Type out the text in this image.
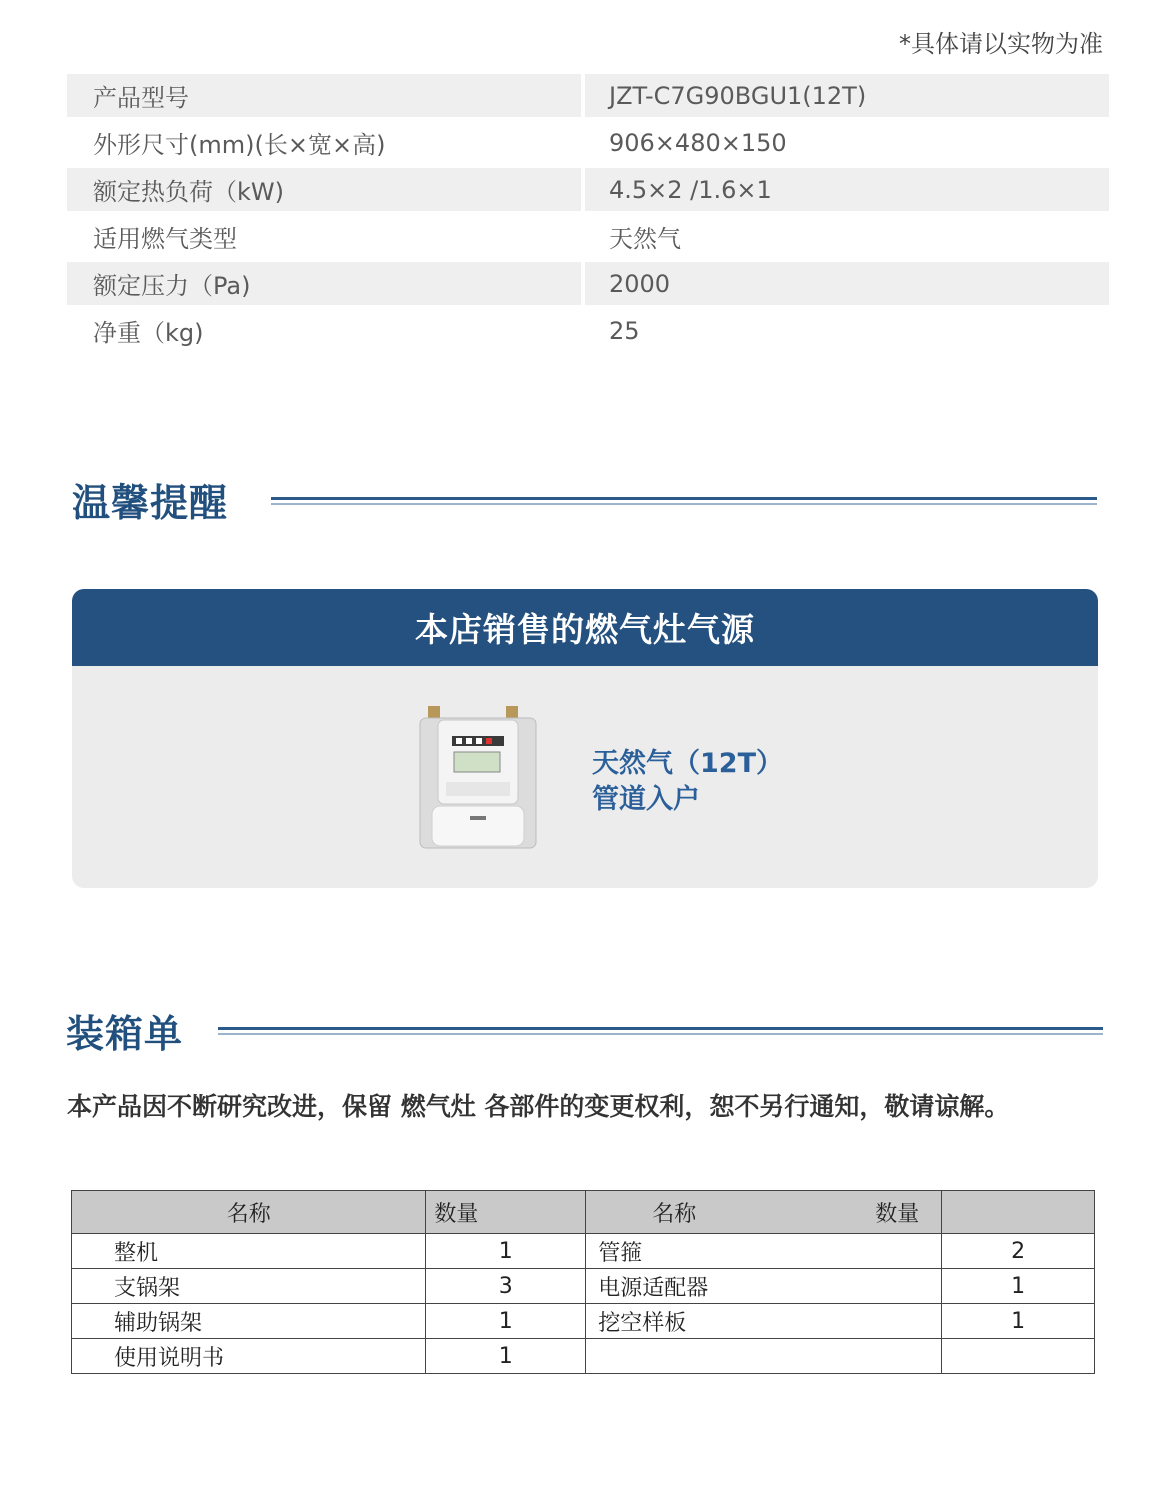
*具体请以实物为准
产品型号	JZT-C7G90BGU1(12T)
外形尺寸(mm)(长×宽×高)	906×480×150
额定热负荷（kW)	4.5×2 /1.6×1
适用燃气类型	天然气
额定压力（Pa)	2000
净重（kg)	25
温馨提醒
本店销售的燃气灶气源
天然气（12T）
管道入户
装箱单
本产品因不断研究改进，保留 燃气灶 各部件的变更权利，恕不另行通知，敬请谅解。
名称	数量	名称 数量	

整机	1	管箍	2
支锅架	3	电源适配器	1
辅助锅架	1	挖空样板	1
使用说明书	1		
